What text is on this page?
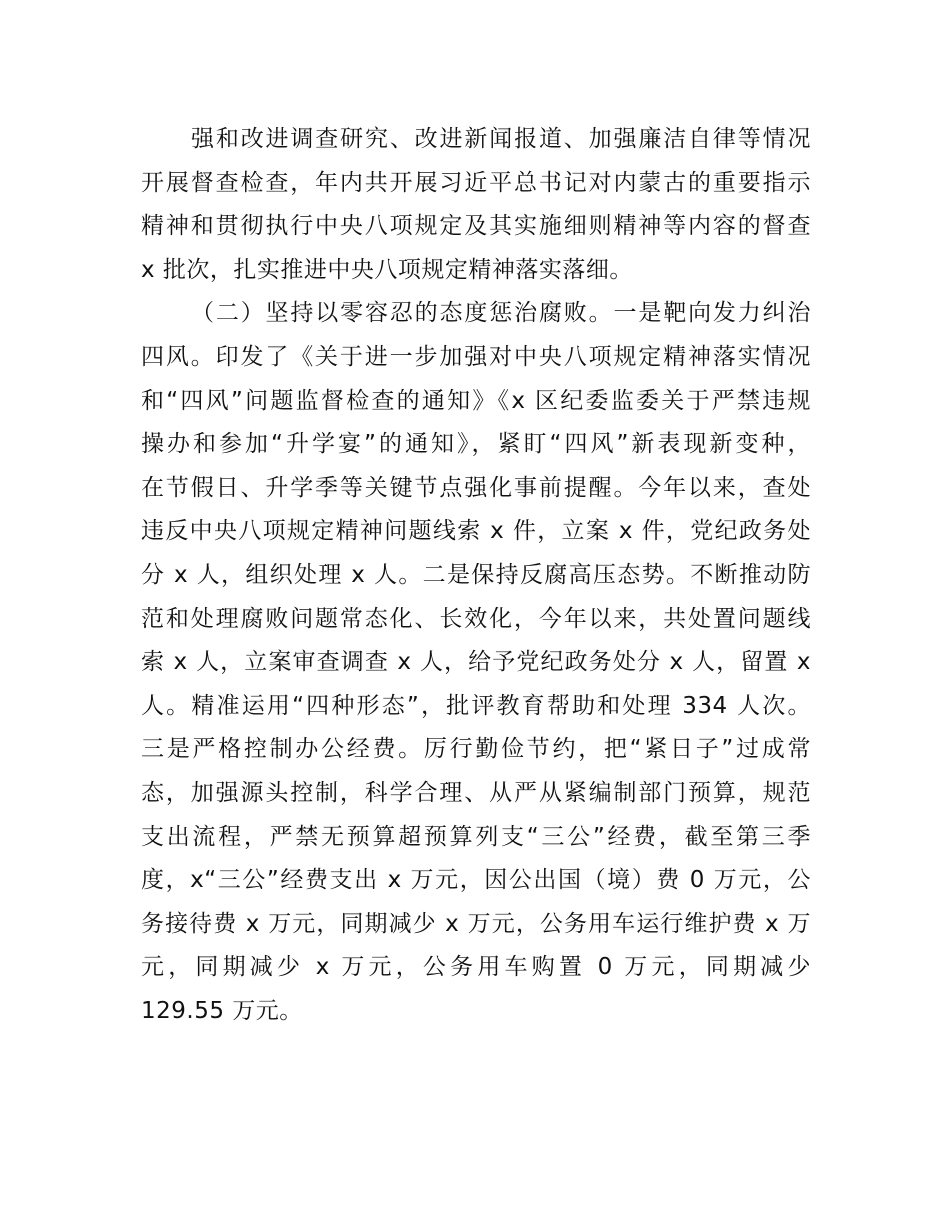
强和改进调查研究、改进新闻报道、加强廉洁自律等情况
开展督查检查，年内共开展习近平总书记对内蒙古的重要指示
精神和贯彻执行中央八项规定及其实施细则精神等内容的督查
x 批次，扎实推进中央八项规定精神落实落细。
（二）坚持以零容忍的态度惩治腐败。一是靶向发力纠治
四风。印发了《关于进一步加强对中央八项规定精神落实情况
和“四风”问题监督检查的通知》《x 区纪委监委关于严禁违规
操办和参加“升学宴”的通知》，紧盯“四风”新表现新变种，
在节假日、升学季等关键节点强化事前提醒。今年以来，查处
违反中央八项规定精神问题线索 x 件，立案 x 件，党纪政务处
分 x 人，组织处理 x 人。二是保持反腐高压态势。不断推动防
范和处理腐败问题常态化、长效化，今年以来，共处置问题线
索 x 人，立案审查调查 x 人，给予党纪政务处分 x 人，留置 x
人。精准运用“四种形态”，批评教育帮助和处理 334 人次。
三是严格控制办公经费。厉行勤俭节约，把“紧日子”过成常
态，加强源头控制，科学合理、从严从紧编制部门预算，规范
支出流程，严禁无预算超预算列支“三公”经费，截至第三季
度，x“三公”经费支出 x 万元，因公出国（境）费 0 万元，公
务接待费 x 万元，同期减少 x 万元，公务用车运行维护费 x 万
元，同期减少 x 万元，公务用车购置 0 万元，同期减少
129.55 万元。
